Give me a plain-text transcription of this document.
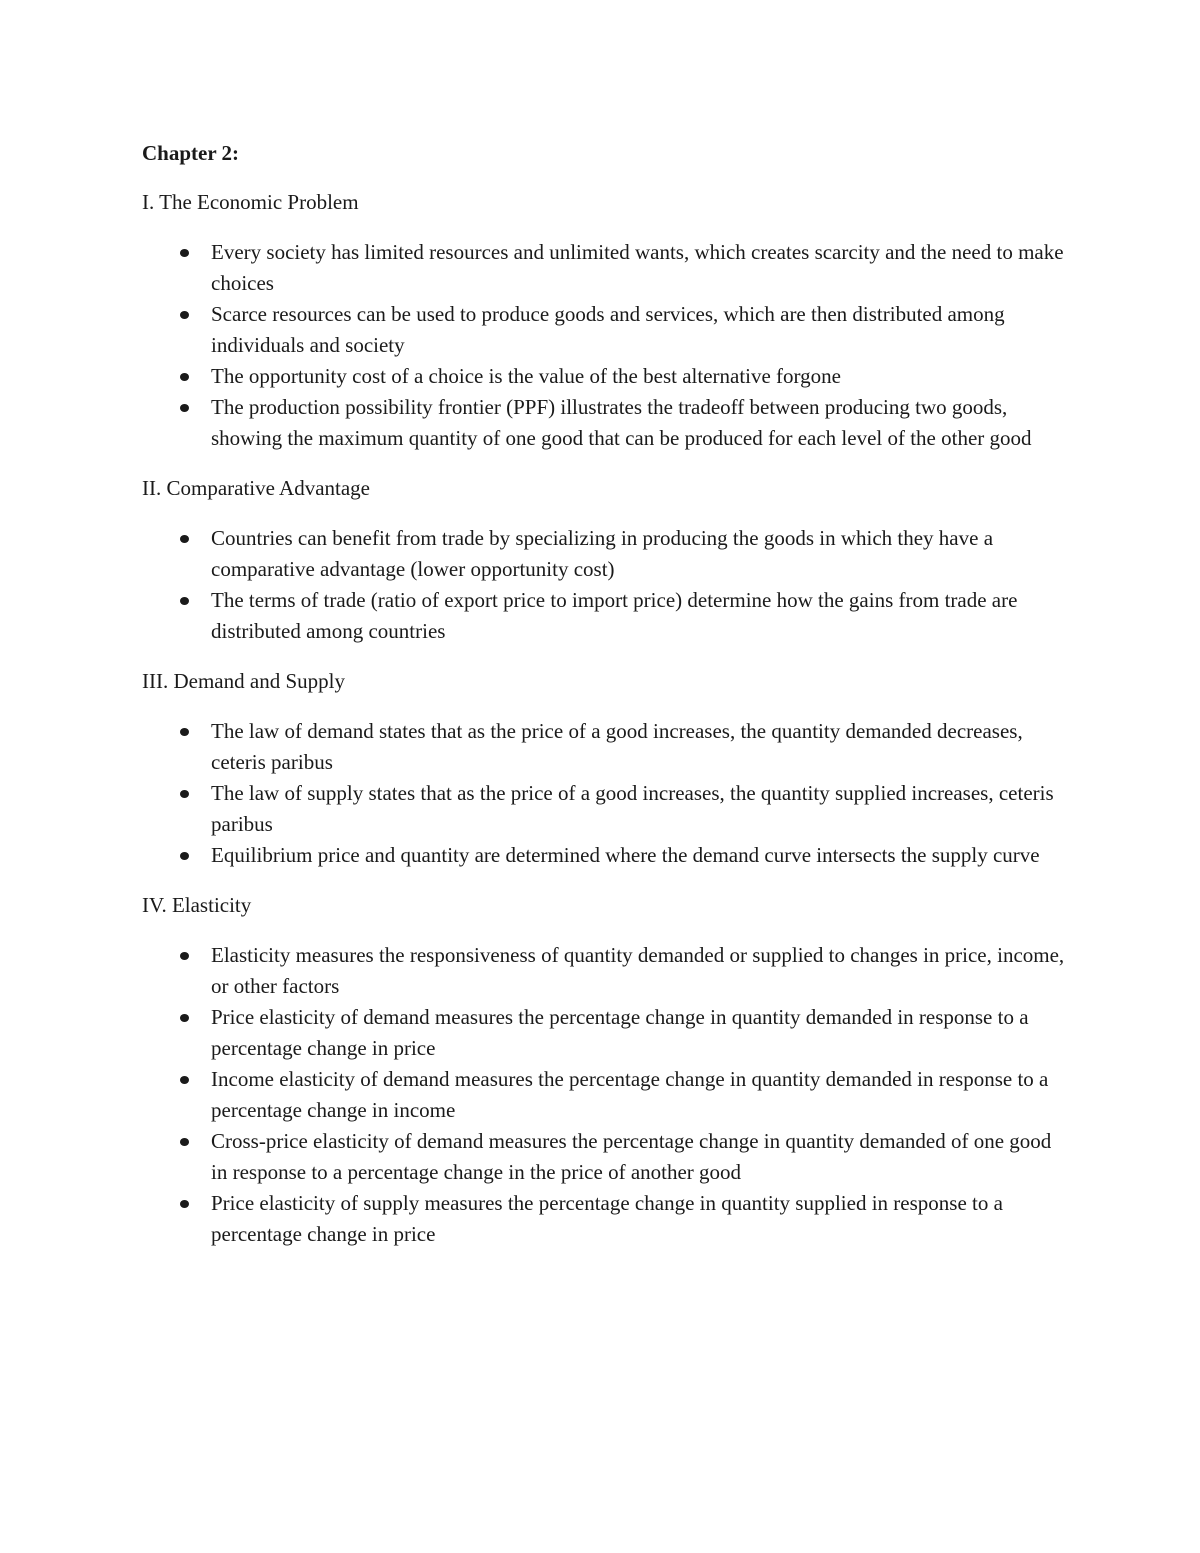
Chapter 2:
I. The Economic Problem
Every society has limited resources and unlimited wants, which creates scarcity and the need to make choices
Scarce resources can be used to produce goods and services, which are then distributed among individuals and society
The opportunity cost of a choice is the value of the best alternative forgone
The production possibility frontier (PPF) illustrates the tradeoff between producing two goods, showing the maximum quantity of one good that can be produced for each level of the other good
II. Comparative Advantage
Countries can benefit from trade by specializing in producing the goods in which they have a comparative advantage (lower opportunity cost)
The terms of trade (ratio of export price to import price) determine how the gains from trade are distributed among countries
III. Demand and Supply
The law of demand states that as the price of a good increases, the quantity demanded decreases, ceteris paribus
The law of supply states that as the price of a good increases, the quantity supplied increases, ceteris paribus
Equilibrium price and quantity are determined where the demand curve intersects the supply curve
IV. Elasticity
Elasticity measures the responsiveness of quantity demanded or supplied to changes in price, income, or other factors
Price elasticity of demand measures the percentage change in quantity demanded in response to a percentage change in price
Income elasticity of demand measures the percentage change in quantity demanded in response to a percentage change in income
Cross-price elasticity of demand measures the percentage change in quantity demanded of one good in response to a percentage change in the price of another good
Price elasticity of supply measures the percentage change in quantity supplied in response to a percentage change in price
